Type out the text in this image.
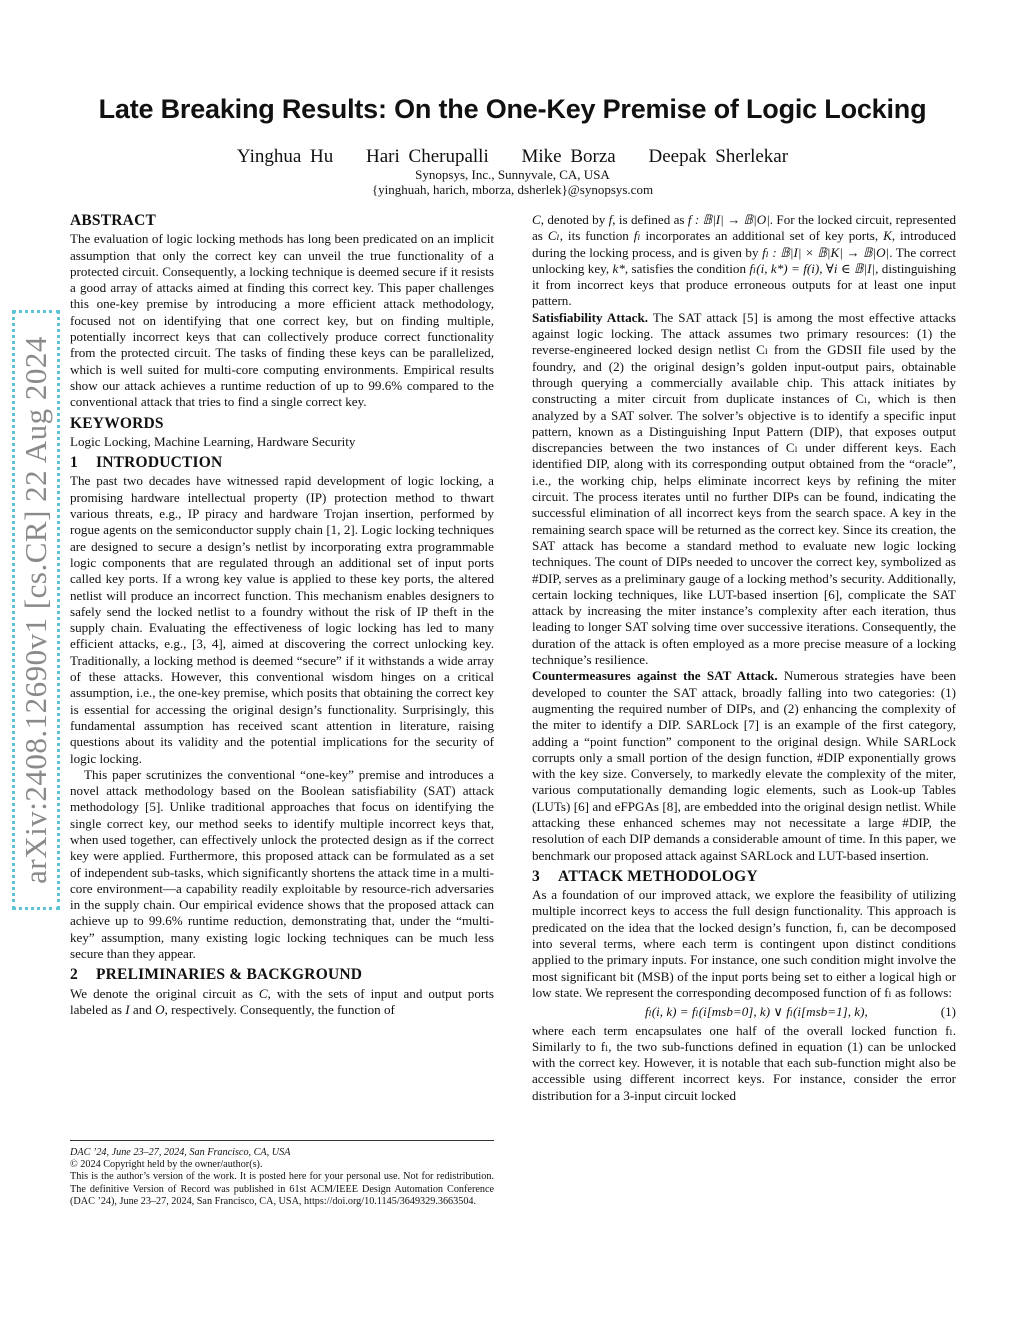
arXiv:2408.12690v1 [cs.CR] 22 Aug 2024
Late Breaking Results: On the One-Key Premise of Logic Locking
Yinghua Hu Hari Cherupalli Mike Borza Deepak Sherlekar
Synopsys, Inc., Sunnyvale, CA, USA
{yinghuah, harich, mborza, dsherlek}@synopsys.com
ABSTRACT

The evaluation of logic locking methods has long been predicated on an implicit assumption that only the correct key can unveil the true functionality of a protected circuit. Consequently, a locking technique is deemed secure if it resists a good array of attacks aimed at finding this correct key. This paper challenges this one-key premise by introducing a more efficient attack methodology, focused not on identifying that one correct key, but on finding multiple, potentially incorrect keys that can collectively produce correct functionality from the protected circuit. The tasks of finding these keys can be parallelized, which is well suited for multi-core computing environments. Empirical results show our attack achieves a runtime reduction of up to 99.6% compared to the conventional attack that tries to find a single correct key.

KEYWORDS

Logic Locking, Machine Learning, Hardware Security

1 INTRODUCTION

The past two decades have witnessed rapid development of logic locking, a promising hardware intellectual property (IP) protection method to thwart various threats, e.g., IP piracy and hardware Trojan insertion, performed by rogue agents on the semiconductor supply chain [1, 2]. Logic locking techniques are designed to secure a design’s netlist by incorporating extra programmable logic components that are regulated through an additional set of input ports called key ports. If a wrong key value is applied to these key ports, the altered netlist will produce an incorrect function. This mechanism enables designers to safely send the locked netlist to a foundry without the risk of IP theft in the supply chain. Evaluating the effectiveness of logic locking has led to many efficient attacks, e.g., [3, 4], aimed at discovering the correct unlocking key. Traditionally, a locking method is deemed “secure” if it withstands a wide array of these attacks. However, this conventional wisdom hinges on a critical assumption, i.e., the one-key premise, which posits that obtaining the correct key is essential for accessing the original design’s functionality. Surprisingly, this fundamental assumption has received scant attention in literature, raising questions about its validity and the potential implications for the security of logic locking.

This paper scrutinizes the conventional “one-key” premise and introduces a novel attack methodology based on the Boolean satisfiability (SAT) attack methodology [5]. Unlike traditional approaches that focus on identifying the single correct key, our method seeks to identify multiple incorrect keys that, when used together, can effectively unlock the protected design as if the correct key were applied. Furthermore, this proposed attack can be formulated as a set of independent sub-tasks, which significantly shortens the attack time in a multi-core environment—a capability readily exploitable by resource-rich adversaries in the supply chain. Our empirical evidence shows that the proposed attack can achieve up to 99.6% runtime reduction, demonstrating that, under the “multi-key” assumption, many existing logic locking techniques can be much less secure than they appear.

2 PRELIMINARIES & BACKGROUND

We denote the original circuit as C, with the sets of input and output ports labeled as I and O, respectively. Consequently, the function of

DAC ’24, June 23–27, 2024, San Francisco, CA, USA

© 2024 Copyright held by the owner/author(s).

This is the author’s version of the work. It is posted here for your personal use. Not for redistribution. The definitive Version of Record was published in 61st ACM/IEEE Design Automation Conference (DAC ’24), June 23–27, 2024, San Francisco, CA, USA, https://doi.org/10.1145/3649329.3663504.

C, denoted by f, is defined as f : 𝔹|I| → 𝔹|O|. For the locked circuit, represented as Cₗ, its function fₗ incorporates an additional set of key ports, K, introduced during the locking process, and is given by fₗ : 𝔹|I| × 𝔹|K| → 𝔹|O|. The correct unlocking key, k*, satisfies the condition fₗ(i, k*) = f(i), ∀i ∈ 𝔹|I|, distinguishing it from incorrect keys that produce erroneous outputs for at least one input pattern.

Satisfiability Attack. The SAT attack [5] is among the most effective attacks against logic locking. The attack assumes two primary resources: (1) the reverse-engineered locked design netlist Cₗ from the GDSII file used by the foundry, and (2) the original design’s golden input-output pairs, obtainable through querying a commercially available chip. This attack initiates by constructing a miter circuit from duplicate instances of Cₗ, which is then analyzed by a SAT solver. The solver’s objective is to identify a specific input pattern, known as a Distinguishing Input Pattern (DIP), that exposes output discrepancies between the two instances of Cₗ under different keys. Each identified DIP, along with its corresponding output obtained from the “oracle”, i.e., the working chip, helps eliminate incorrect keys by refining the miter circuit. The process iterates until no further DIPs can be found, indicating the successful elimination of all incorrect keys from the search space. A key in the remaining search space will be returned as the correct key. Since its creation, the SAT attack has become a standard method to evaluate new logic locking techniques. The count of DIPs needed to uncover the correct key, symbolized as #DIP, serves as a preliminary gauge of a locking method’s security. Additionally, certain locking techniques, like LUT-based insertion [6], complicate the SAT attack by increasing the miter instance’s complexity after each iteration, thus leading to longer SAT solving time over successive iterations. Consequently, the duration of the attack is often employed as a more precise measure of a locking technique’s resilience.

Countermeasures against the SAT Attack. Numerous strategies have been developed to counter the SAT attack, broadly falling into two categories: (1) augmenting the required number of DIPs, and (2) enhancing the complexity of the miter to identify a DIP. SARLock [7] is an example of the first category, adding a “point function” component to the original design. While SARLock corrupts only a small portion of the design function, #DIP exponentially grows with the key size. Conversely, to markedly elevate the complexity of the miter, various computationally demanding logic elements, such as Look-up Tables (LUTs) [6] and eFPGAs [8], are embedded into the original design netlist. While attacking these enhanced schemes may not necessitate a large #DIP, the resolution of each DIP demands a considerable amount of time. In this paper, we benchmark our proposed attack against SARLock and LUT-based insertion.

3 ATTACK METHODOLOGY

As a foundation of our improved attack, we explore the feasibility of utilizing multiple incorrect keys to access the full design functionality. This approach is predicated on the idea that the locked design’s function, fₗ, can be decomposed into several terms, where each term is contingent upon distinct conditions applied to the primary inputs. For instance, one such condition might involve the most significant bit (MSB) of the input ports being set to either a logical high or low state. We represent the corresponding decomposed function of fₗ as follows:

fₗ(i, k) = fₗ(i[msb=0], k) ∨ fₗ(i[msb=1], k),	(1)

where each term encapsulates one half of the overall locked function fₗ. Similarly to fₗ, the two sub-functions defined in equation (1) can be unlocked with the correct key. However, it is notable that each sub-function might also be accessible using different incorrect keys. For instance, consider the error distribution for a 3-input circuit locked
